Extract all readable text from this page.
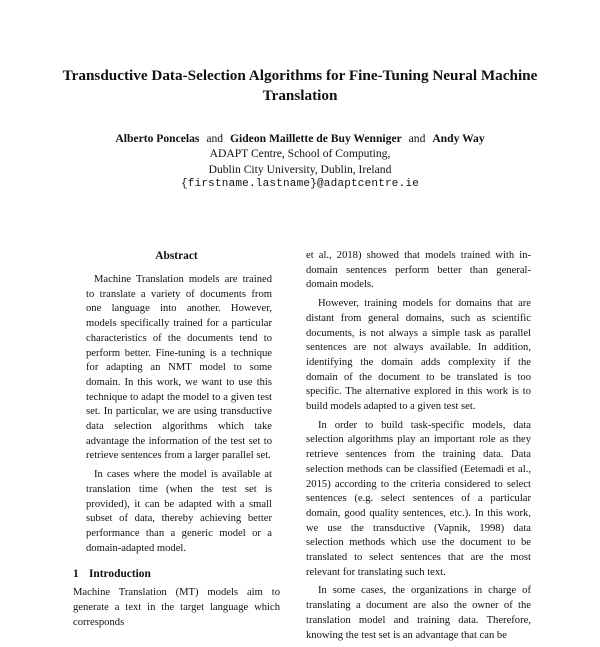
Transductive Data-Selection Algorithms for Fine-Tuning Neural Machine
Translation
Alberto Poncelas and Gideon Maillette de Buy Wenniger and Andy Way
ADAPT Centre, School of Computing,
Dublin City University, Dublin, Ireland
{firstname.lastname}@adaptcentre.ie
Abstract

Machine Translation models are trained to translate a variety of documents from one language into another. However, models specifically trained for a particular characteristics of the documents tend to perform better. Fine-tuning is a technique for adapting an NMT model to some domain. In this work, we want to use this technique to adapt the model to a given test set. In particular, we are using transductive data selection algorithms which take advantage the information of the test set to retrieve sentences from a larger parallel set.

In cases where the model is available at translation time (when the test set is provided), it can be adapted with a small subset of data, thereby achieving better performance than a generic model or a domain-adapted model.

1 Introduction

Machine Translation (MT) models aim to generate a text in the target language which corresponds

et al., 2018) showed that models trained with in-domain sentences perform better than general-domain models.

However, training models for domains that are distant from general domains, such as scientific documents, is not always a simple task as parallel sentences are not always available. In addition, identifying the domain adds complexity if the domain of the document to be translated is too specific. The alternative explored in this work is to build models adapted to a given test set.

In order to build task-specific models, data selection algorithms play an important role as they retrieve sentences from the training data. Data selection methods can be classified (Eetemadi et al., 2015) according to the criteria considered to select sentences (e.g. select sentences of a particular domain, good quality sentences, etc.). In this work, we use the transductive (Vapnik, 1998) data selection methods which use the document to be translated to select sentences that are the most relevant for translating such text.

In some cases, the organizations in charge of translating a document are also the owner of the translation model and training data. Therefore, knowing the test set is an advantage that can be
